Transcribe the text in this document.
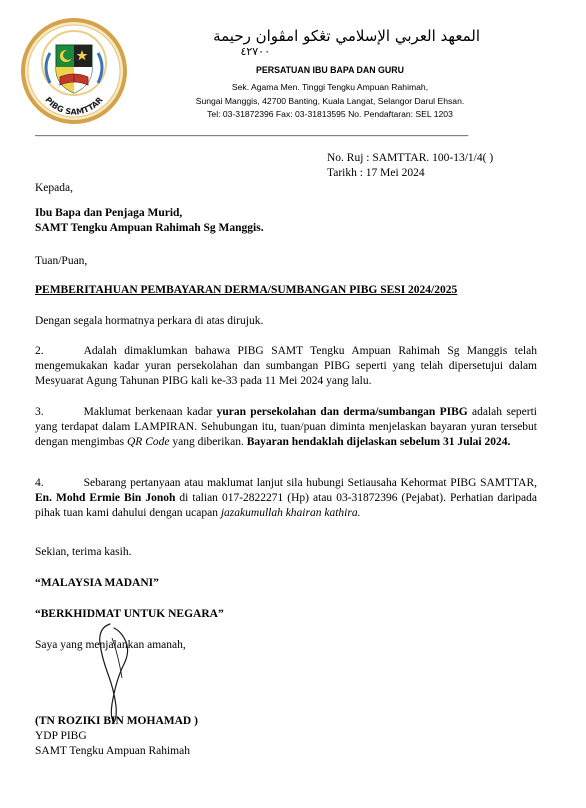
PIBG SAMTTAR
المعهد العربي الإسلامي تڠكو امڤوان رحيمة
٤٢٧٠٠
PERSATUAN IBU BAPA DAN GURU
Sek. Agama Men. Tinggi Tengku Ampuan Rahimah,
Sungai Manggis, 42700 Banting, Kuala Langat, Selangor Darul Ehsan.
Tel: 03-31872396 Fax: 03-31813595 No. Pendaftaran: SEL 1203
____________________________________________________________________________________________
No. Ruj : SAMTTAR. 100-13/1/4( )
Tarikh : 17 Mei 2024
Kepada,
Ibu Bapa dan Penjaga Murid,
SAMT Tengku Ampuan Rahimah Sg Manggis.
Tuan/Puan,
PEMBERITAHUAN PEMBAYARAN DERMA/SUMBANGAN PIBG SESI 2024/2025
Dengan segala hormatnya perkara di atas dirujuk.
2.	Adalah dimaklumkan bahawa PIBG SAMT Tengku Ampuan Rahimah Sg Manggis telah mengemukakan kadar yuran persekolahan dan sumbangan PIBG seperti yang telah dipersetujui dalam Mesyuarat Agung Tahunan PIBG kali ke-33 pada 11 Mei 2024 yang lalu.
3.	Maklumat berkenaan kadar yuran persekolahan dan derma/sumbangan PIBG adalah seperti yang terdapat dalam LAMPIRAN. Sehubungan itu, tuan/puan diminta menjelaskan bayaran yuran tersebut dengan mengimbas QR Code yang diberikan. Bayaran hendaklah dijelaskan sebelum 31 Julai 2024.
4.	Sebarang pertanyaan atau maklumat lanjut sila hubungi Setiausaha Kehormat PIBG SAMTTAR, En. Mohd Ermie Bin Jonoh di talian 017-2822271 (Hp) atau 03-31872396 (Pejabat). Perhatian daripada pihak tuan kami dahului dengan ucapan jazakumullah khairan kathira.
Sekian, terima kasih.
“MALAYSIA MADANI”
“BERKHIDMAT UNTUK NEGARA”
Saya yang menjalankan amanah,
(TN ROZIKI BIN MOHAMAD )
YDP PIBG
SAMT Tengku Ampuan Rahimah
